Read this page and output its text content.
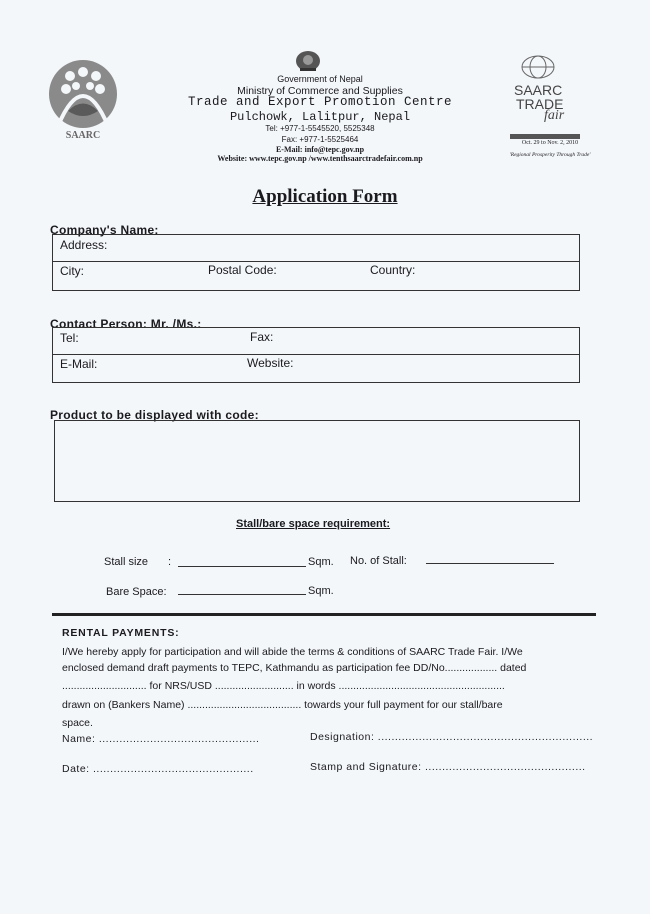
SAARC
Government of Nepal
Ministry of Commerce and Supplies
Trade and Export Promotion Centre
Pulchowk, Lalitpur, Nepal
Tel: +977-1-5545520, 5525348
Fax: +977-1-5525464
E-Mail: info@tepc.gov.np
Website: www.tepc.gov.np /www.tenthsaarctradefair.com.np
SAARC
TRADE
fair
Oct. 29 to Nov. 2, 2010
'Regional Prosperity Through Trade'
Application Form
Company's Name:
Address:
City:	Postal Code:	Country:
Contact Person: Mr. /Ms.:
Tel:	Fax:
E-Mail:	Website:
Product to be displayed with code:
Stall/bare space requirement:
Stall size :	Sqm. No. of Stall:
Bare Space:	Sqm.
RENTAL PAYMENTS:
I/We hereby apply for participation and will abide the terms & conditions of SAARC Trade Fair. I/We
enclosed demand draft payments to TEPC, Kathmandu as participation fee DD/No.................. dated
............................. for NRS/USD ........................... in words .........................................................
drawn on (Bankers Name) ....................................... towards your full payment for our stall/bare
space.
Name: ...............................................	Designation: ...............................................................
Date: ...............................................	Stamp and Signature: ...............................................
